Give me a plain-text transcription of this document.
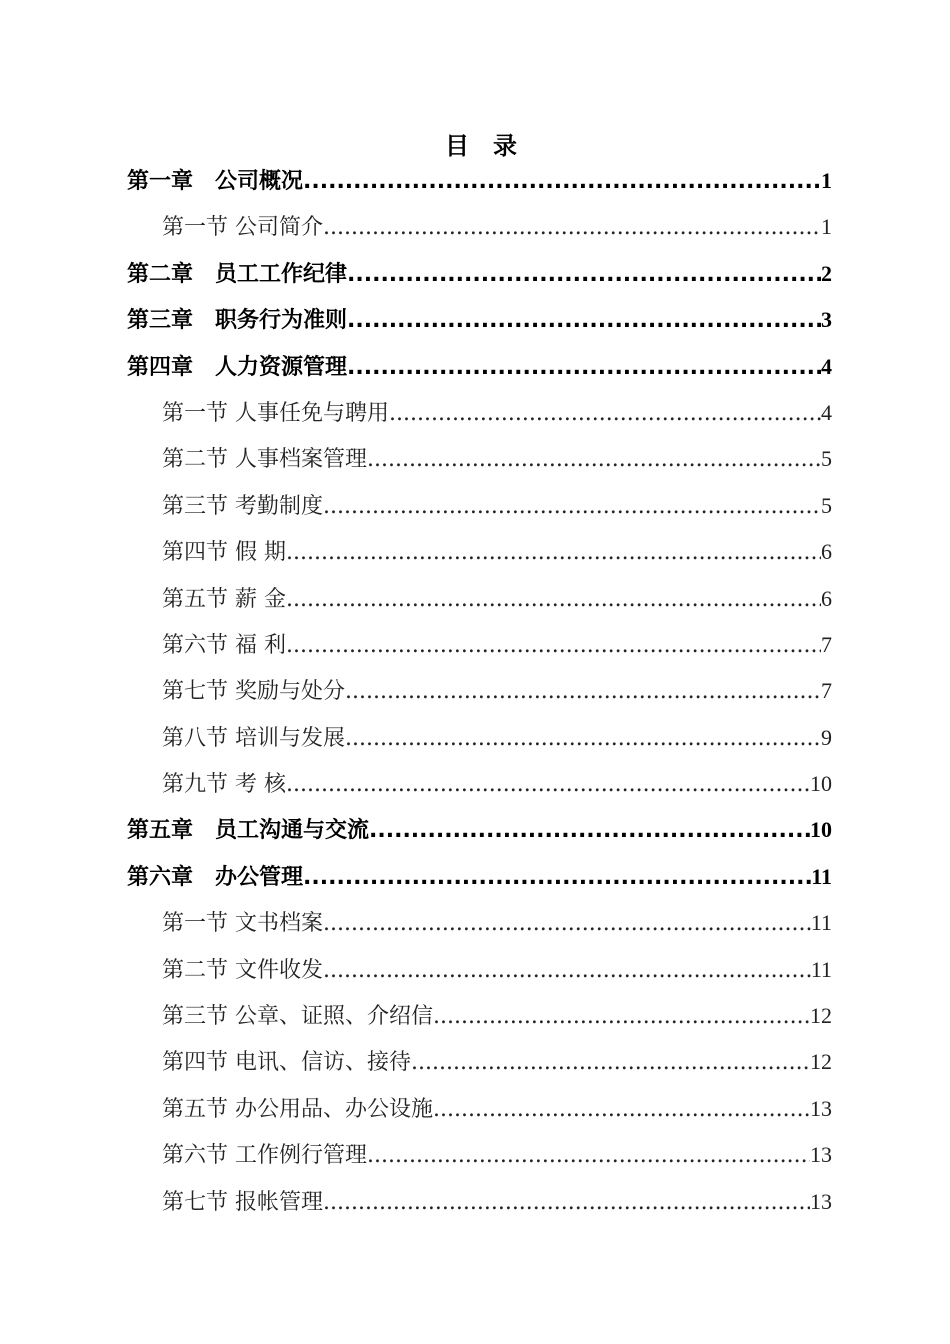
目　录
第一章　公司概况 .....	1
第一节 公司简介 .....	1
第二章　员工工作纪律 .....	2
第三章　职务行为准则 .....	3
第四章　人力资源管理 .....	4
第一节 人事任免与聘用 .....	4
第二节 人事档案管理 .....	5
第三节 考勤制度 .....	5
第四节 假 期 .....	6
第五节 薪 金 .....	6
第六节 福 利 .....	7
第七节 奖励与处分 .....	7
第八节 培训与发展 .....	9
第九节 考 核 .....	10
第五章　员工沟通与交流 .....	10
第六章　办公管理 .....	11
第一节 文书档案 .....	11
第二节 文件收发 .....	11
第三节 公章、证照、介绍信 .....	12
第四节 电讯、信访、接待 .....	12
第五节 办公用品、办公设施 .....	13
第六节 工作例行管理 .....	13
第七节 报帐管理 .....	13
